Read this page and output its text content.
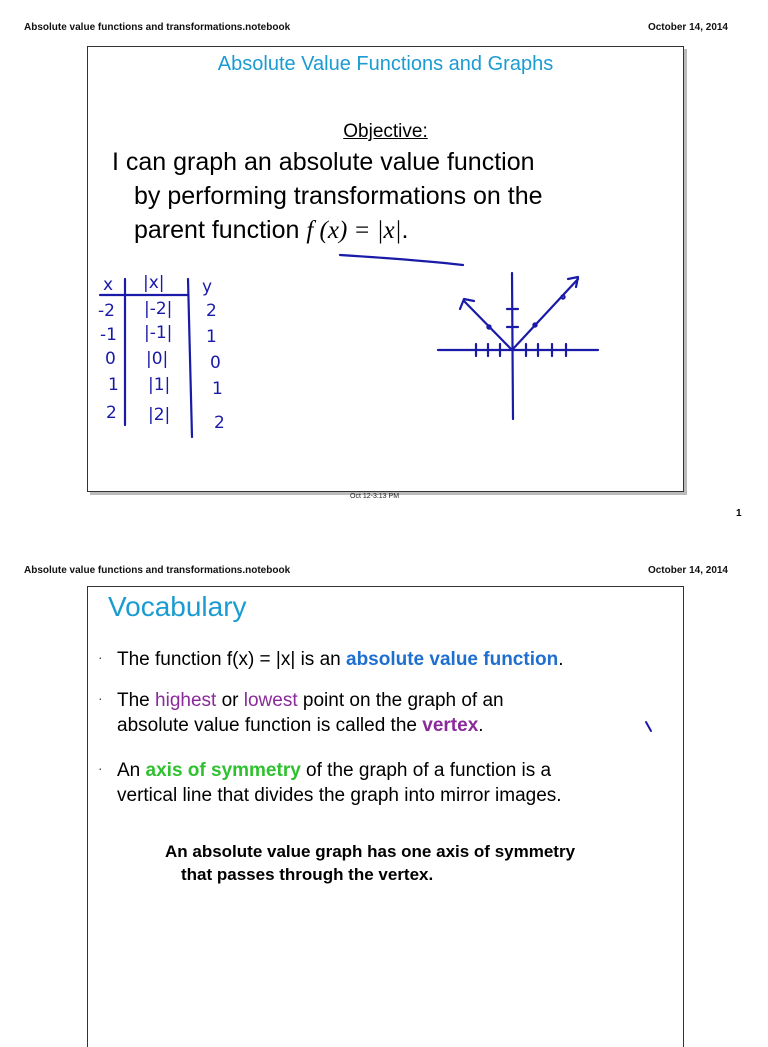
Absolute value functions and transformations.notebook	October 14, 2014
Absolute Value Functions and Graphs
Objective:
I can graph an absolute value function
by performing transformations on the
parent function f (x) = |x|.
x |x| y
-2 |-2| 2
-1 |-1| 1
0 |0| 0
1 |1| 1
2 |2|	2
Oct 12-3:13 PM
1
Absolute value functions and transformations.notebook	October 14, 2014
Vocabulary
· The function f(x) = |x| is an absolute value function.
· The highest or lowest point on the graph of an
absolute value function is called the vertex.
· An axis of symmetry of the graph of a function is a
vertical line that divides the graph into mirror images.
An absolute value graph has one axis of symmetry
that passes through the vertex.
